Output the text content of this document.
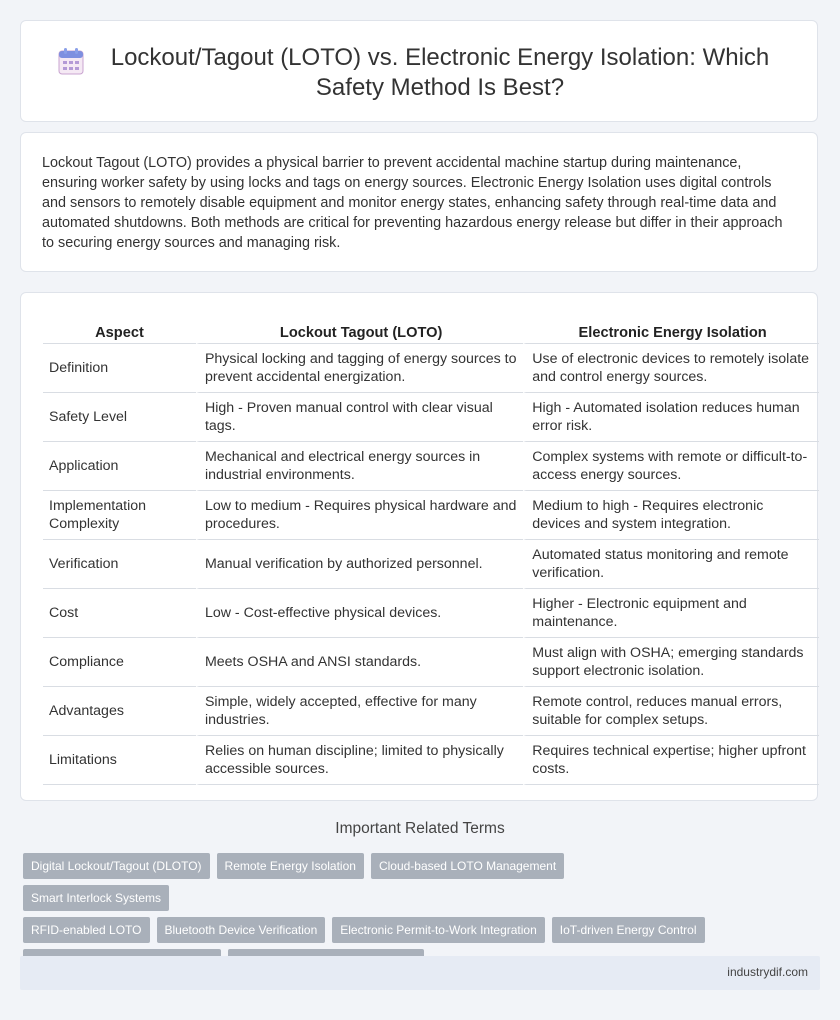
Lockout/Tagout (LOTO) vs. Electronic Energy Isolation: Which Safety Method Is Best?

Lockout Tagout (LOTO) provides a physical barrier to prevent accidental machine startup during maintenance, ensuring worker safety by using locks and tags on energy sources. Electronic Energy Isolation uses digital controls and sensors to remotely disable equipment and monitor energy states, enhancing safety through real-time data and automated shutdowns. Both methods are critical for preventing hazardous energy release but differ in their approach to securing energy sources and managing risk.

Aspect	Lockout Tagout (LOTO)	Electronic Energy Isolation
Definition	Physical locking and tagging of energy sources to prevent accidental energization.	Use of electronic devices to remotely isolate and control energy sources.
Safety Level	High - Proven manual control with clear visual tags.	High - Automated isolation reduces human error risk.
Application	Mechanical and electrical energy sources in industrial environments.	Complex systems with remote or difficult-to-access energy sources.
Implementation Complexity	Low to medium - Requires physical hardware and procedures.	Medium to high - Requires electronic devices and system integration.
Verification	Manual verification by authorized personnel.	Automated status monitoring and remote verification.
Cost	Low - Cost-effective physical devices.	Higher - Electronic equipment and maintenance.
Compliance	Meets OSHA and ANSI standards.	Must align with OSHA; emerging standards support electronic isolation.
Advantages	Simple, widely accepted, effective for many industries.	Remote control, reduces manual errors, suitable for complex setups.
Limitations	Relies on human discipline; limited to physically accessible sources.	Requires technical expertise; higher upfront costs.
Important Related Terms
Digital Lockout/Tagout (DLOTO) Remote Energy Isolation Cloud-based LOTO ManagementSmart Interlock Systems
RFID-enabled LOTO Bluetooth Device Verification Electronic Permit-to-Work Integration IoT-driven Energy Control

industrydif.com
